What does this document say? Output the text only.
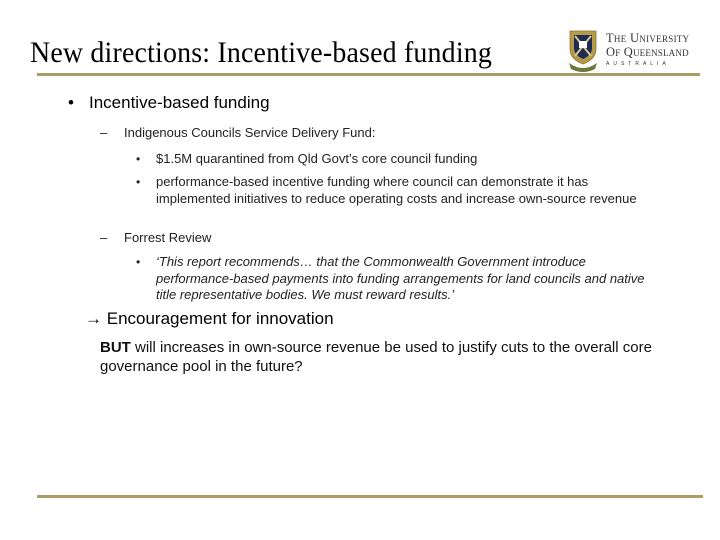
New directions: Incentive-based funding	The University
Of Queensland
AUSTRALIA
• Incentive-based funding
– Indigenous Councils Service Delivery Fund:
• $1.5M quarantined from Qld Govt’s core council funding
• performance-based incentive funding where council can demonstrate it has implemented initiatives to reduce operating costs and increase own-source revenue
– Forrest Review
• ‘This report recommends… that the Commonwealth Government introduce performance-based payments into funding arrangements for land councils and native title representative bodies. We must reward results.’
→ Encouragement for innovation
BUT will increases in own-source revenue be used to justify cuts to the overall core governance pool in the future?
